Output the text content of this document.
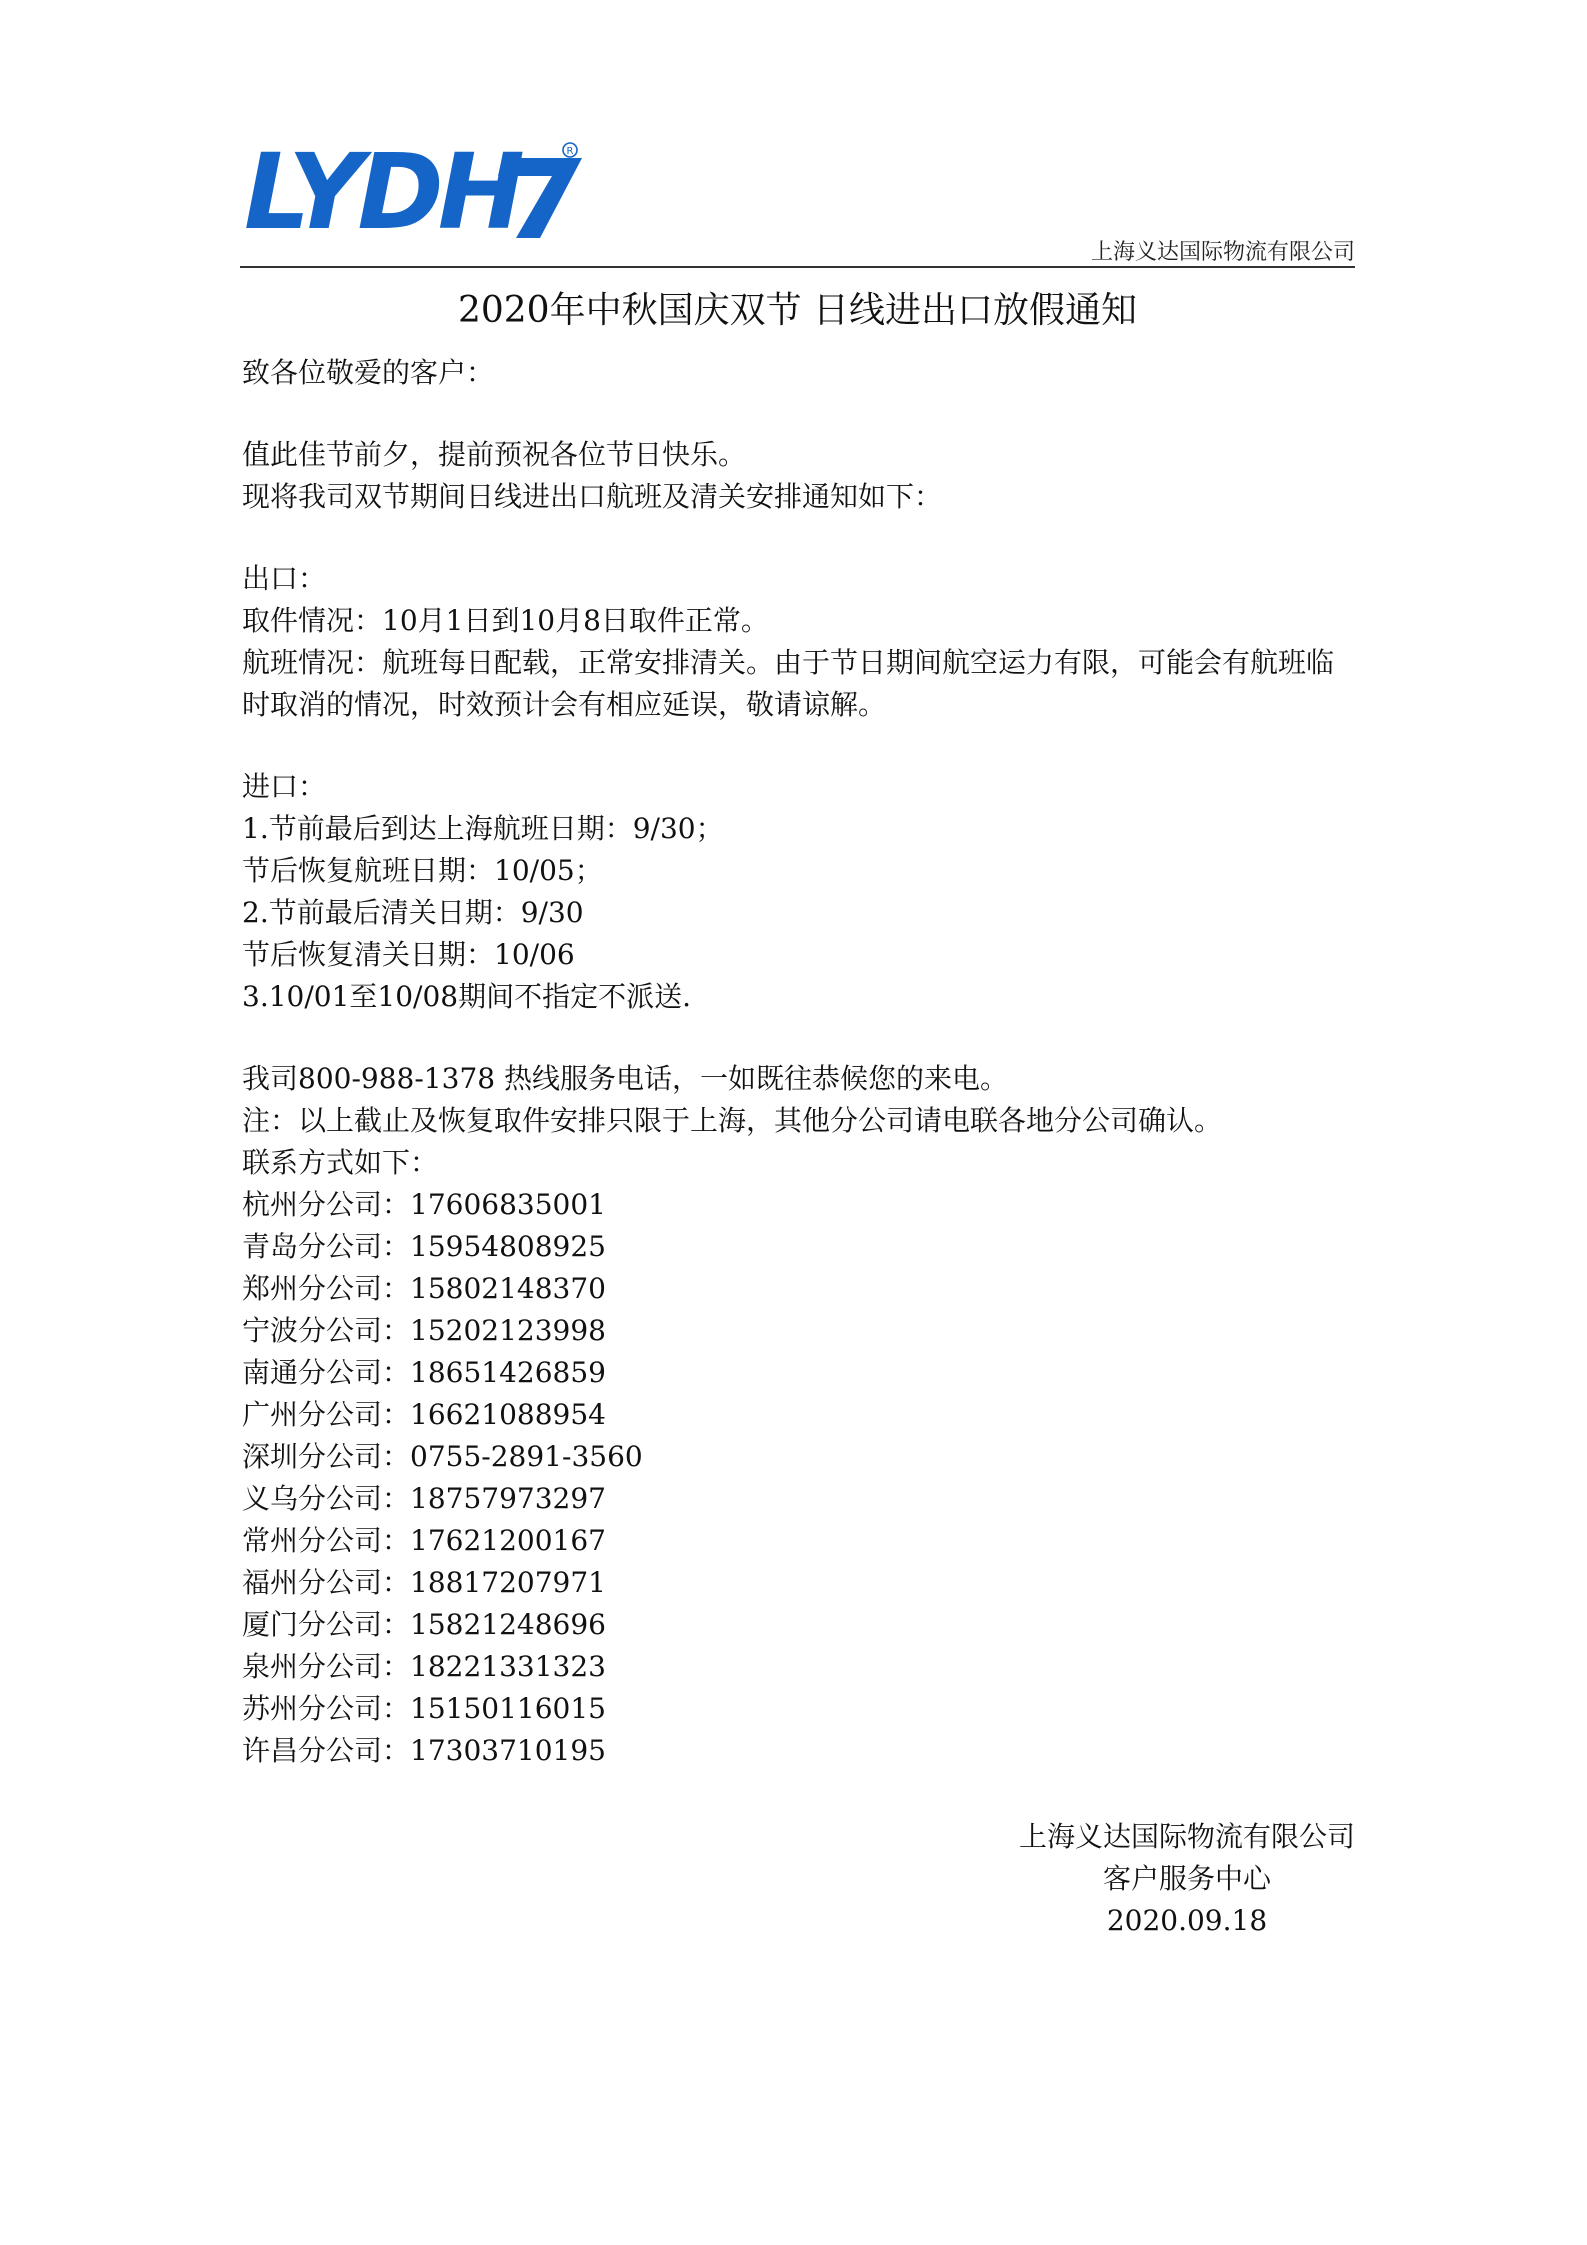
LYDH	R
上海义达国际物流有限公司
2020年中秋国庆双节 日线进出口放假通知
致各位敬爱的客户：
值此佳节前夕，提前预祝各位节日快乐。
现将我司双节期间日线进出口航班及清关安排通知如下：
出口：
取件情况：10月1日到10月8日取件正常。
航班情况：航班每日配载，正常安排清关。由于节日期间航空运力有限，可能会有航班临时取消的情况，时效预计会有相应延误，敬请谅解。
进口：
1.节前最后到达上海航班日期：9/30；
节后恢复航班日期：10/05；
2.节前最后清关日期：9/30
节后恢复清关日期：10/06
3.10/01至10/08期间不指定不派送.
我司800-988-1378 热线服务电话，一如既往恭候您的来电。
注：以上截止及恢复取件安排只限于上海，其他分公司请电联各地分公司确认。
联系方式如下：
杭州分公司：17606835001
青岛分公司：15954808925
郑州分公司：15802148370
宁波分公司：15202123998
南通分公司：18651426859
广州分公司：16621088954
深圳分公司：0755-2891-3560
义乌分公司：18757973297
常州分公司：17621200167
福州分公司：18817207971
厦门分公司：15821248696
泉州分公司：18221331323
苏州分公司：15150116015
许昌分公司：17303710195
上海义达国际物流有限公司
客户服务中心
2020.09.18
